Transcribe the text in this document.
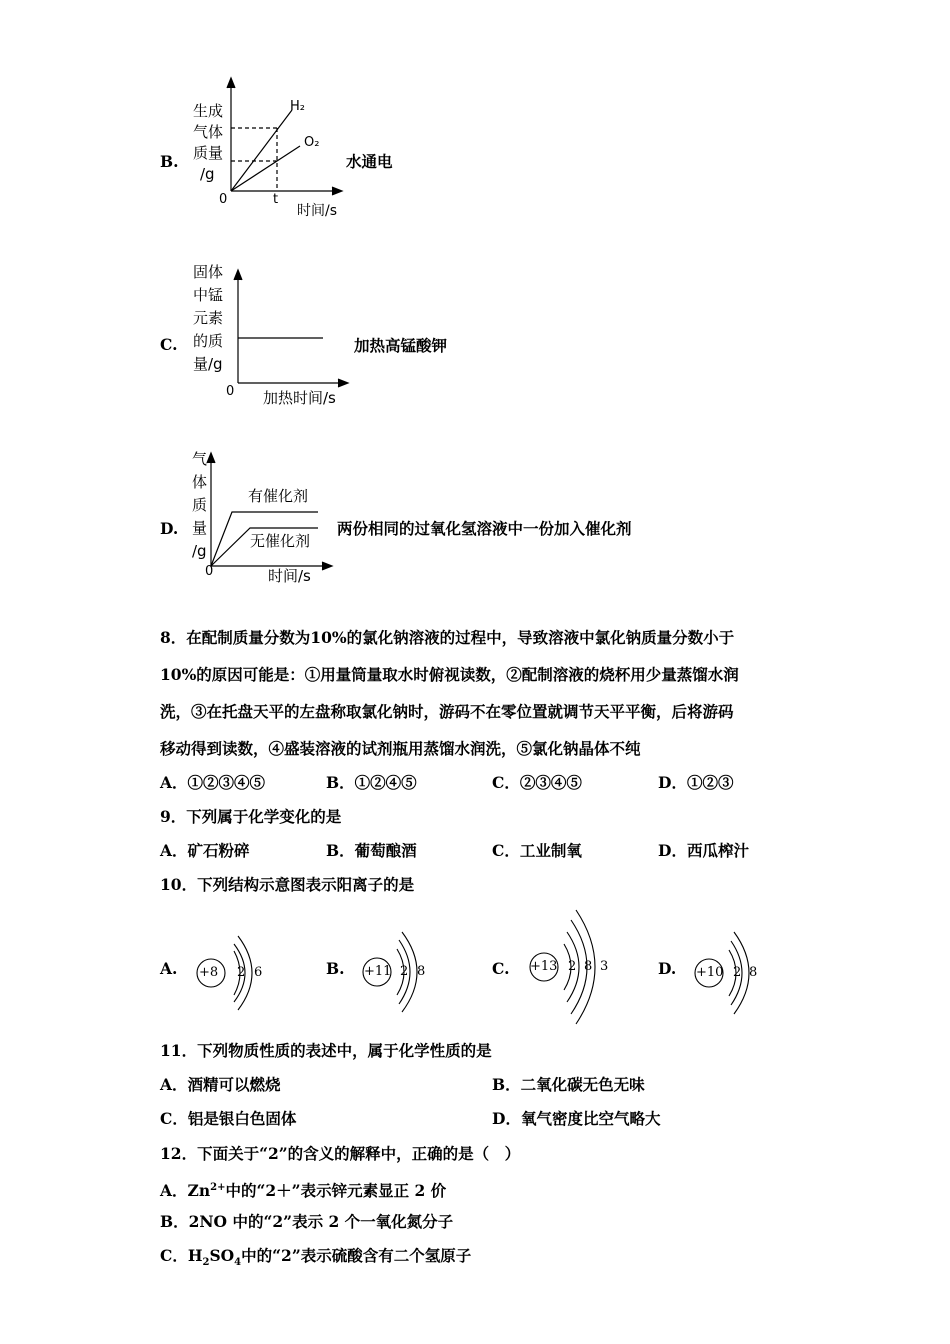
B.
生成
气体
质量
/g
H₂
O₂
0	t
时间/s
水通电
C.
固体
中锰
元素
的质
量/g
0 加热时间/s
加热高锰酸钾
D.
气
体
质
量
/g
有催化剂
无催化剂
0	时间/s
两份相同的过氧化氢溶液中一份加入催化剂
8．在配制质量分数为10%的氯化钠溶液的过程中，导致溶液中氯化钠质量分数小于
10%的原因可能是：①用量筒量取水时俯视读数，②配制溶液的烧杯用少量蒸馏水润
洗，③在托盘天平的左盘称取氯化钠时，游码不在零位置就调节天平平衡，后将游码
移动得到读数，④盛装溶液的试剂瓶用蒸馏水润洗，⑤氯化钠晶体不纯
A．①②③④⑤	B．①②④⑤	C．②③④⑤	D．①②③
9．下列属于化学变化的是
A．矿石粉碎	B．葡萄酿酒	C．工业制氧	D．西瓜榨汁
10．下列结构示意图表示阳离子的是
A.	B.	C.	D.
+8 2 6	+11 2 8	+13 2 8 3	+10 2 8
11．下列物质性质的表述中，属于化学性质的是
A．酒精可以燃烧	B．二氧化碳无色无味
C．铝是银白色固体	D．氧气密度比空气略大
12．下面关于“2”的含义的解释中，正确的是（　）
A．$Zn^{2+}$中的“2＋”表示锌元素显正 2 价
B．2NO 中的“2”表示 2 个一氧化氮分子
C．$H_2SO_4$中的“2”表示硫酸含有二个氢原子
